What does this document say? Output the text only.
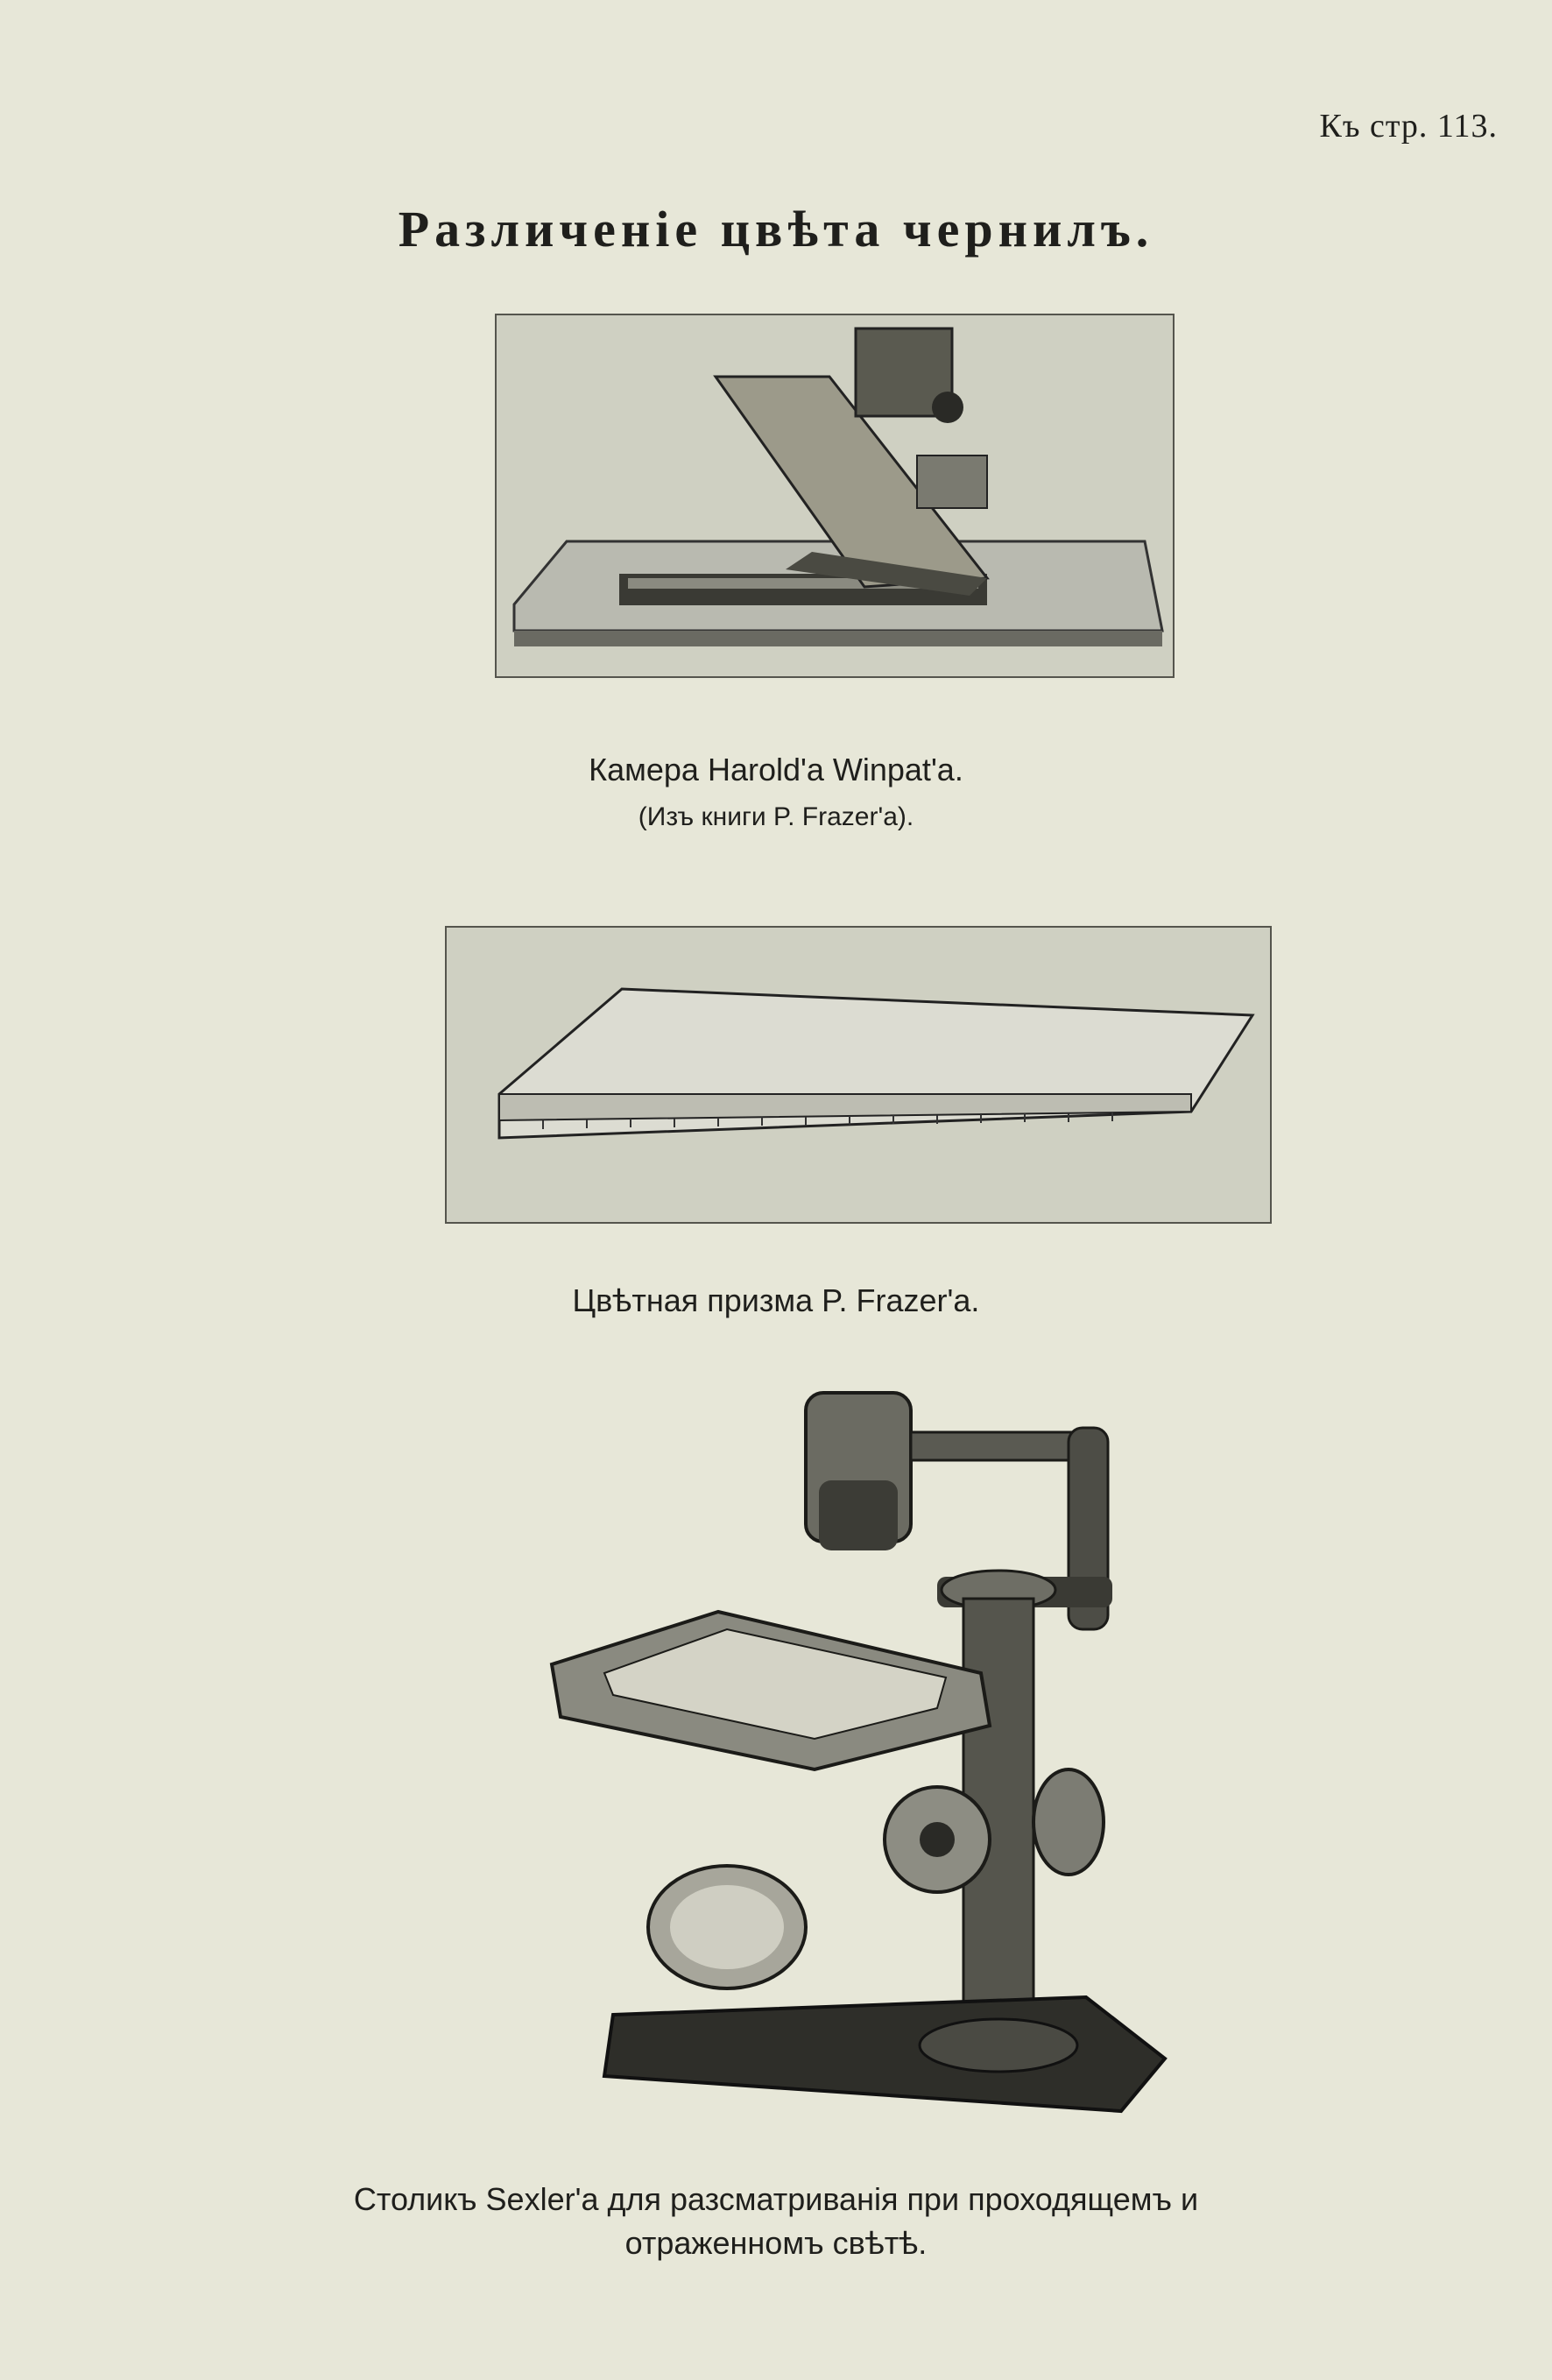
Къ стр. 113.
Различеніе цвѣта чернилъ.
Камера Harold'a Winpat'a.
(Изъ книги P. Frazer'a).
Цвѣтная призма P. Frazer'a.
Столикъ Sexler'a для разсматриванія при проходящемъ и
отраженномъ свѣтѣ.
